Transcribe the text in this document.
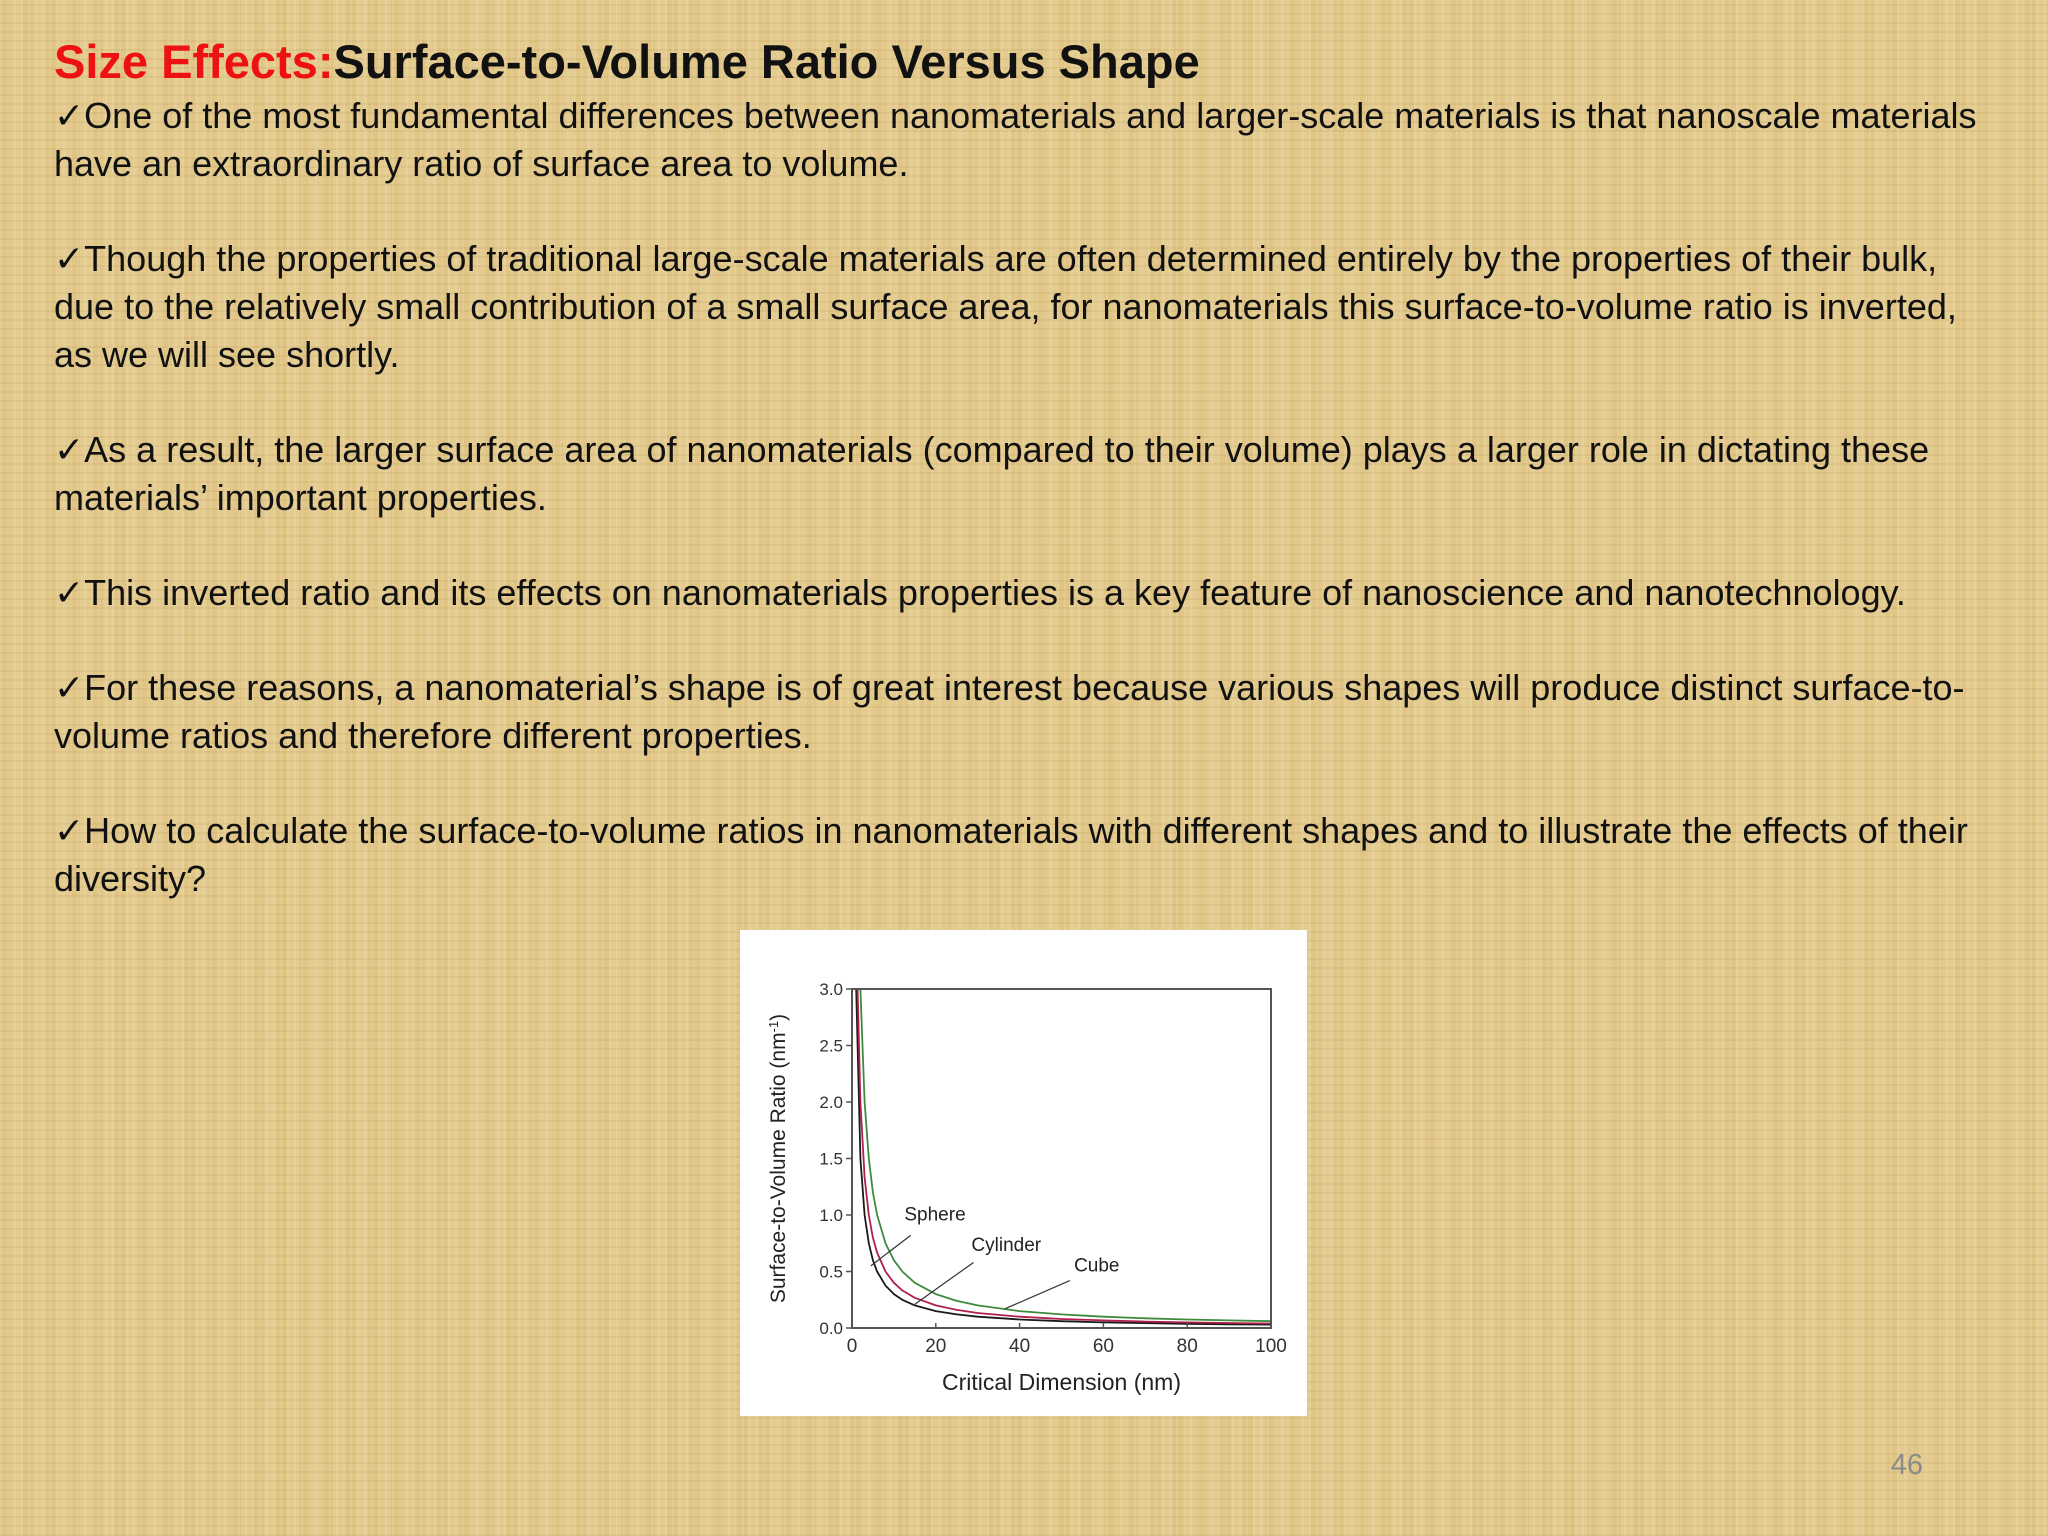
Size Effects:Surface-to-Volume Ratio Versus Shape

✓One of the most fundamental differences between nanomaterials and larger-scale materials is that nanoscale materials have an extraordinary ratio of surface area to volume.

✓Though the properties of traditional large-scale materials are often determined entirely by the properties of their bulk, due to the relatively small contribution of a small surface area, for nanomaterials this surface-to-volume ratio is inverted, as we will see shortly.

✓As a result, the larger surface area of nanomaterials (compared to their volume) plays a larger role in dictating these materials’ important properties.

✓This inverted ratio and its effects on nanomaterials properties is a key feature of nanoscience and nanotechnology.

✓For these reasons, a nanomaterial’s shape is of great interest because various shapes will produce distinct surface-to-volume ratios and therefore different properties.

✓How to calculate the surface-to-volume ratios in nanomaterials with different shapes and to illustrate the effects of their diversity?

0	20	40	60	80	100
0.0
0.5
1.0
1.5
2.0
2.5
3.0
Critical Dimension (nm)
Surface-to-Volume Ratio $(nm^{-1})$
Sphere
Cylinder
Cube
46
